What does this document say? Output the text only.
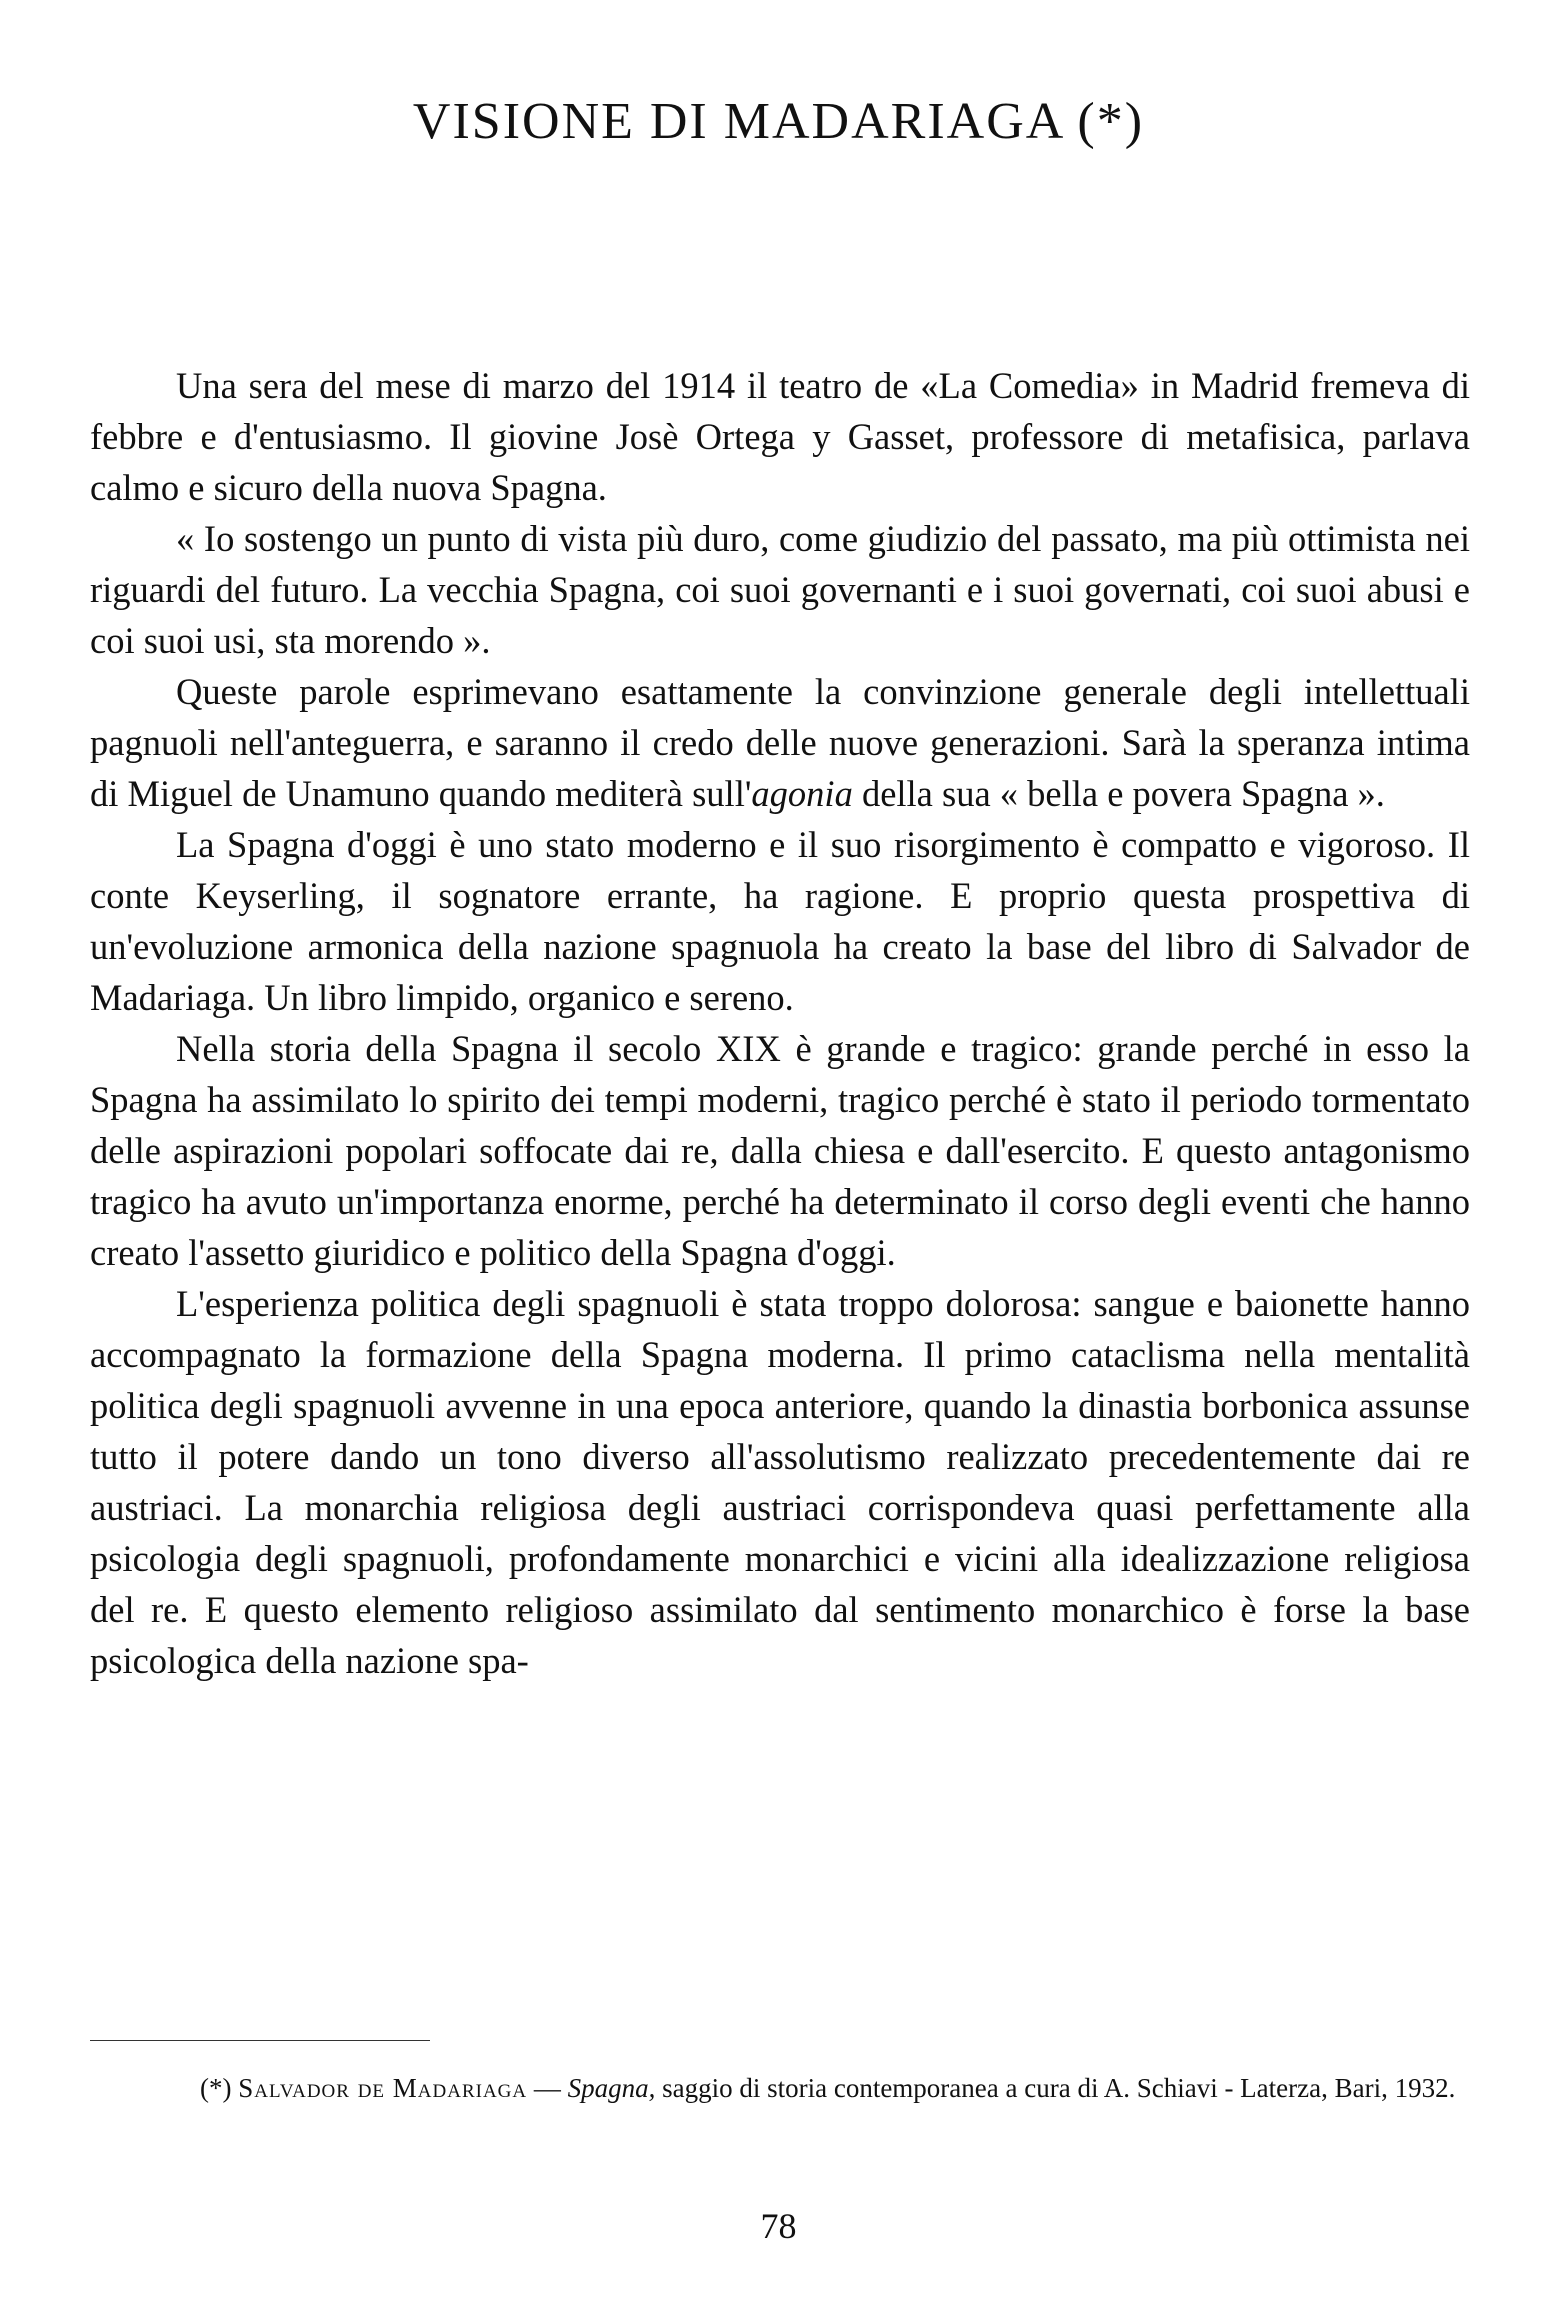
VISIONE DI MADARIAGA (*)

Una sera del mese di marzo del 1914 il teatro de «La Comedia» in Madrid fremeva di febbre e d'entusiasmo. Il giovine Josè Ortega y Gasset, professore di metafisica, parlava calmo e sicuro della nuova Spagna.

« Io sostengo un punto di vista più duro, come giudizio del passato, ma più ottimista nei riguardi del futuro. La vecchia Spagna, coi suoi governanti e i suoi governati, coi suoi abusi e coi suoi usi, sta morendo ».

Queste parole esprimevano esattamente la convinzione generale degli intellettuali pagnuoli nell'anteguerra, e saranno il credo delle nuove generazioni. Sarà la speranza intima di Miguel de Unamuno quando mediterà sull'agonia della sua « bella e povera Spagna ».

La Spagna d'oggi è uno stato moderno e il suo risorgimento è compatto e vigoroso. Il conte Keyserling, il sognatore errante, ha ragione. E proprio questa prospettiva di un'evoluzione armonica della nazione spagnuola ha creato la base del libro di Salvador de Madariaga. Un libro limpido, organico e sereno.

Nella storia della Spagna il secolo XIX è grande e tragico: grande perché in esso la Spagna ha assimilato lo spirito dei tempi moderni, tragico perché è stato il periodo tormentato delle aspirazioni popolari soffocate dai re, dalla chiesa e dall'esercito. E questo antagonismo tragico ha avuto un'importanza enorme, perché ha determinato il corso degli eventi che hanno creato l'assetto giuridico e politico della Spagna d'oggi.

L'esperienza politica degli spagnuoli è stata troppo dolorosa: sangue e baionette hanno accompagnato la formazione della Spagna moderna. Il primo cataclisma nella mentalità politica degli spagnuoli avvenne in una epoca anteriore, quando la dinastia borbonica assunse tutto il potere dando un tono diverso all'assolutismo realizzato precedentemente dai re austriaci. La monarchia religiosa degli austriaci corrispondeva quasi perfettamente alla psicologia degli spagnuoli, profondamente monarchici e vicini alla idealizzazione religiosa del re. E questo elemento religioso assimilato dal sentimento monarchico è forse la base psicologica della nazione spa-

(*) Salvador de Madariaga — Spagna, saggio di storia contemporanea a cura di A. Schiavi - Laterza, Bari, 1932.

78
